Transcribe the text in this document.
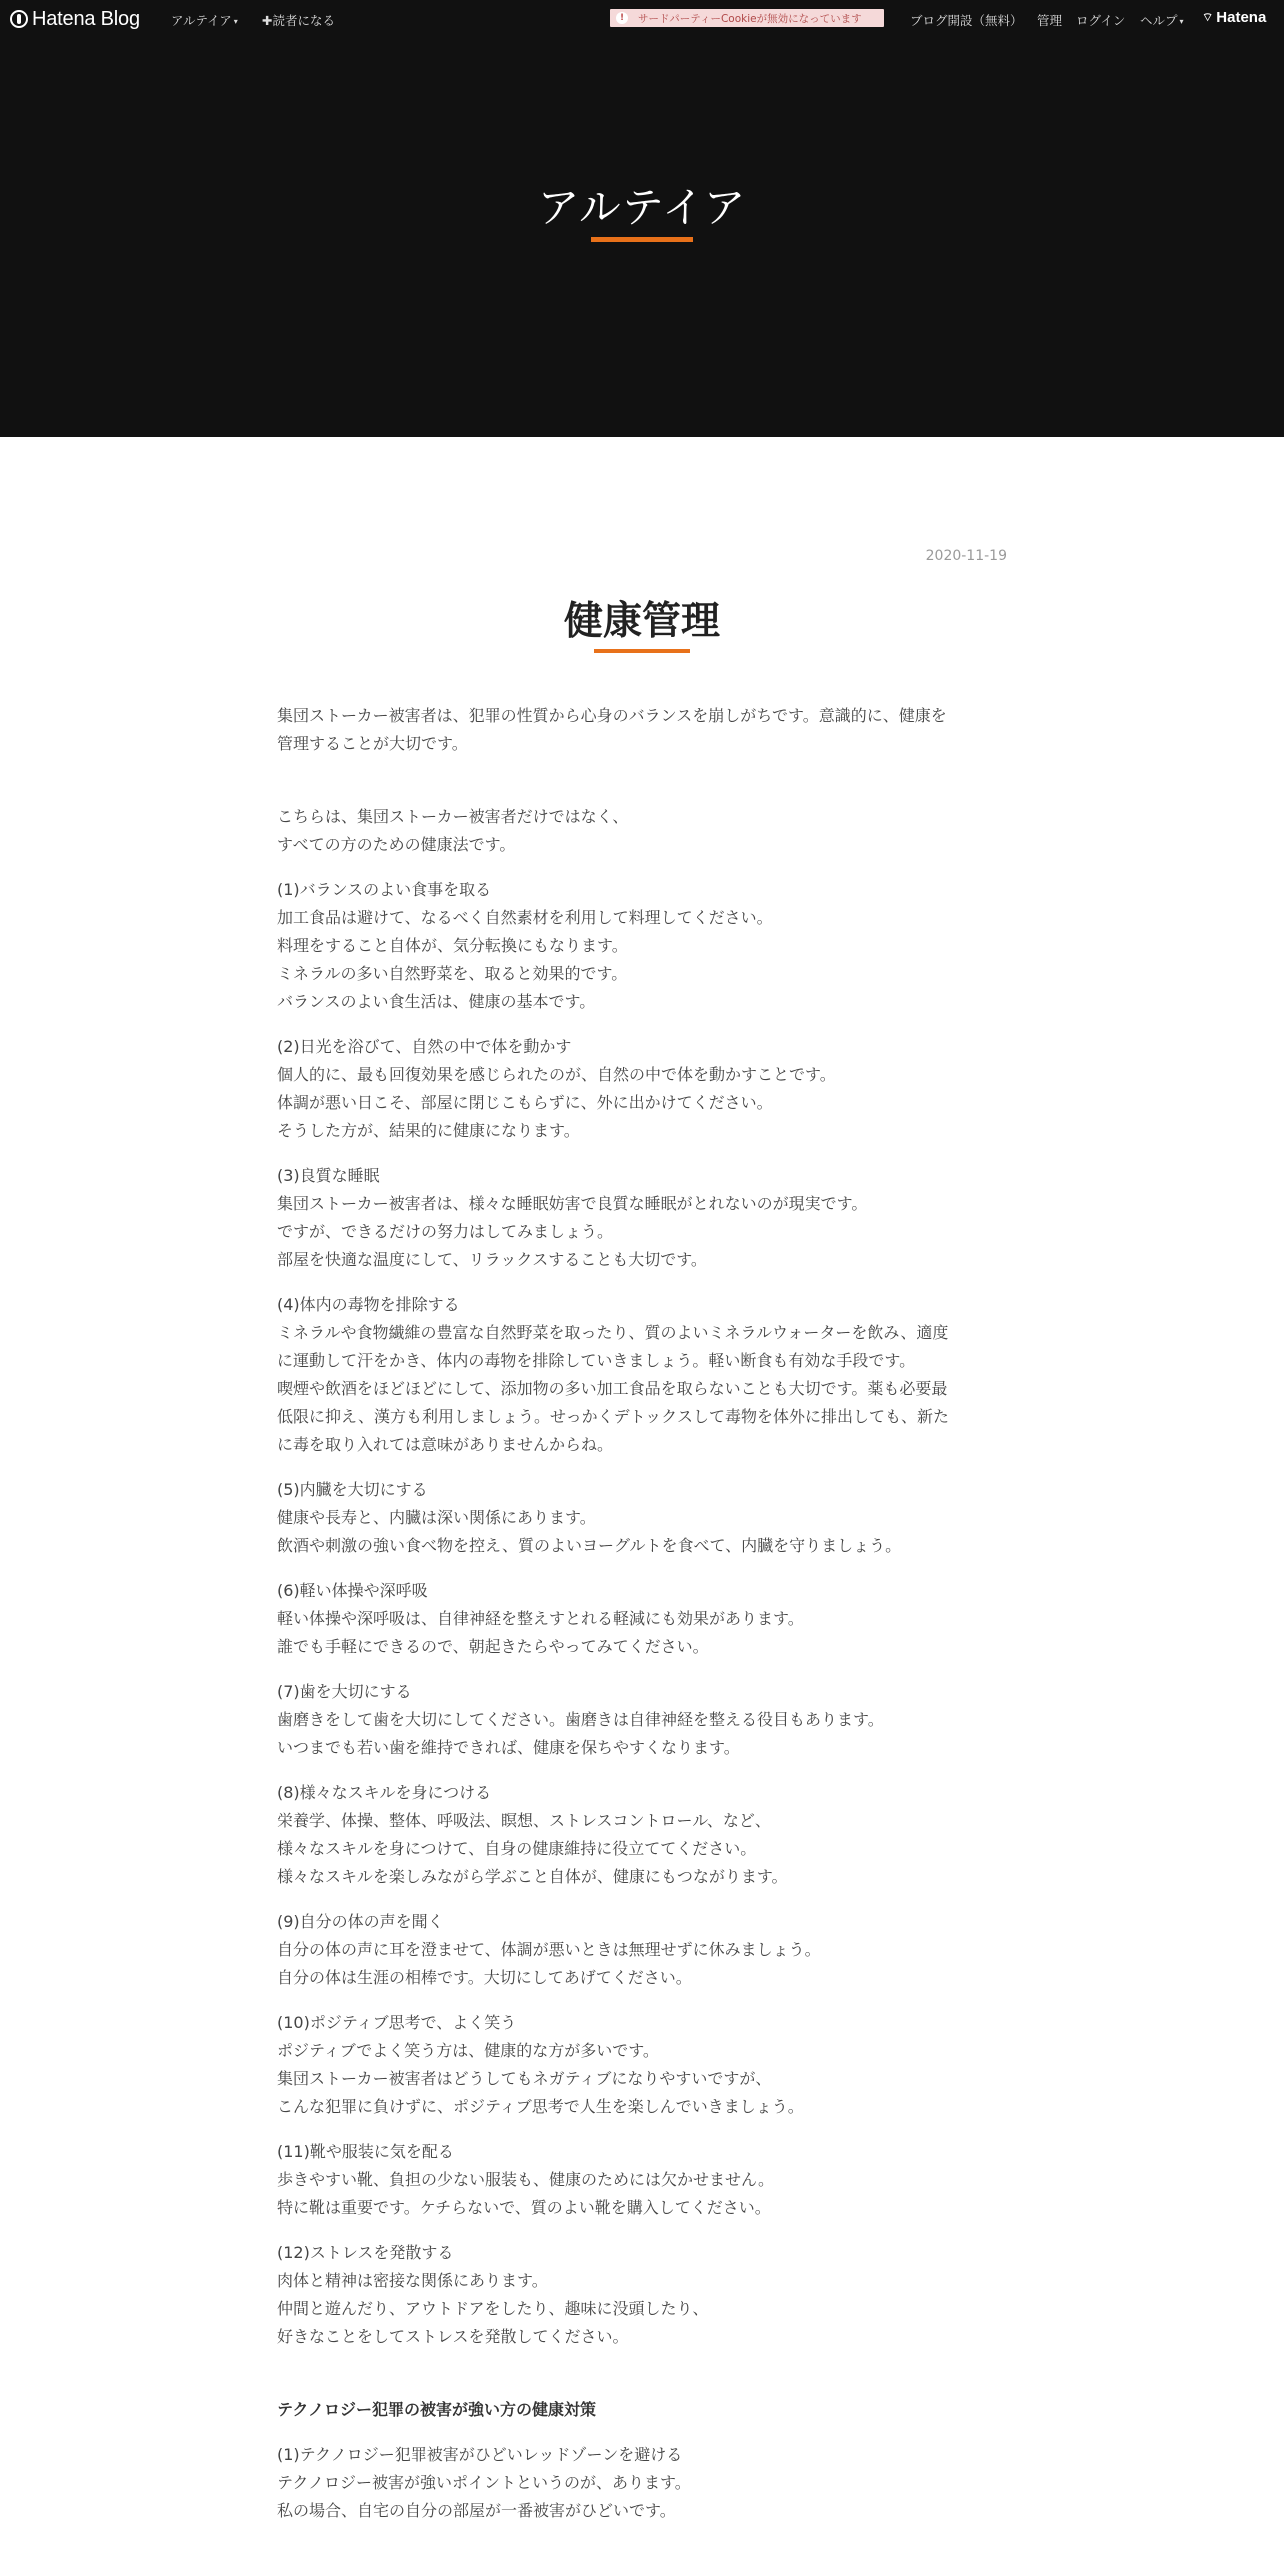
Hatena Blog アルテイア ▾ ✚読者になる	!	サードパーティーCookieが無効になっています	ブログ開設（無料） 管理 ログイン ヘルプ ▾ ⌔ Hatena
アルテイア
2020-11-19
健康管理

集団ストーカー被害者は、犯罪の性質から心身のバランスを崩しがちです。意識的に、健康を
管理することが大切です。

こちらは、集団ストーカー被害者だけではなく、
すべての方のための健康法です。

(1)バランスのよい食事を取る
加工食品は避けて、なるべく自然素材を利用して料理してください。
料理をすること自体が、気分転換にもなります。
ミネラルの多い自然野菜を、取ると効果的です。
バランスのよい食生活は、健康の基本です。

(2)日光を浴びて、自然の中で体を動かす
個人的に、最も回復効果を感じられたのが、自然の中で体を動かすことです。
体調が悪い日こそ、部屋に閉じこもらずに、外に出かけてください。
そうした方が、結果的に健康になります。

(3)良質な睡眠
集団ストーカー被害者は、様々な睡眠妨害で良質な睡眠がとれないのが現実です。
ですが、できるだけの努力はしてみましょう。
部屋を快適な温度にして、リラックスすることも大切です。

(4)体内の毒物を排除する
ミネラルや食物繊維の豊富な自然野菜を取ったり、質のよいミネラルウォーターを飲み、適度
に運動して汗をかき、体内の毒物を排除していきましょう。軽い断食も有効な手段です。
喫煙や飲酒をほどほどにして、添加物の多い加工食品を取らないことも大切です。薬も必要最
低限に抑え、漢方も利用しましょう。せっかくデトックスして毒物を体外に排出しても、新た
に毒を取り入れては意味がありませんからね。

(5)内臓を大切にする
健康や長寿と、内臓は深い関係にあります。
飲酒や刺激の強い食べ物を控え、質のよいヨーグルトを食べて、内臓を守りましょう。

(6)軽い体操や深呼吸
軽い体操や深呼吸は、自律神経を整えすとれる軽減にも効果があります。
誰でも手軽にできるので、朝起きたらやってみてください。

(7)歯を大切にする
歯磨きをして歯を大切にしてください。歯磨きは自律神経を整える役目もあります。
いつまでも若い歯を維持できれば、健康を保ちやすくなります。

(8)様々なスキルを身につける
栄養学、体操、整体、呼吸法、瞑想、ストレスコントロール、など、
様々なスキルを身につけて、自身の健康維持に役立ててください。
様々なスキルを楽しみながら学ぶこと自体が、健康にもつながります。

(9)自分の体の声を聞く
自分の体の声に耳を澄ませて、体調が悪いときは無理せずに休みましょう。
自分の体は生涯の相棒です。大切にしてあげてください。

(10)ポジティブ思考で、よく笑う
ポジティブでよく笑う方は、健康的な方が多いです。
集団ストーカー被害者はどうしてもネガティブになりやすいですが、
こんな犯罪に負けずに、ポジティブ思考で人生を楽しんでいきましょう。

(11)靴や服装に気を配る
歩きやすい靴、負担の少ない服装も、健康のためには欠かせません。
特に靴は重要です。ケチらないで、質のよい靴を購入してください。

(12)ストレスを発散する
肉体と精神は密接な関係にあります。
仲間と遊んだり、アウトドアをしたり、趣味に没頭したり、
好きなことをしてストレスを発散してください。

テクノロジー犯罪の被害が強い方の健康対策

(1)テクノロジー犯罪被害がひどいレッドゾーンを避ける
テクノロジー被害が強いポイントというのが、あります。
私の場合、自宅の自分の部屋が一番被害がひどいです。
